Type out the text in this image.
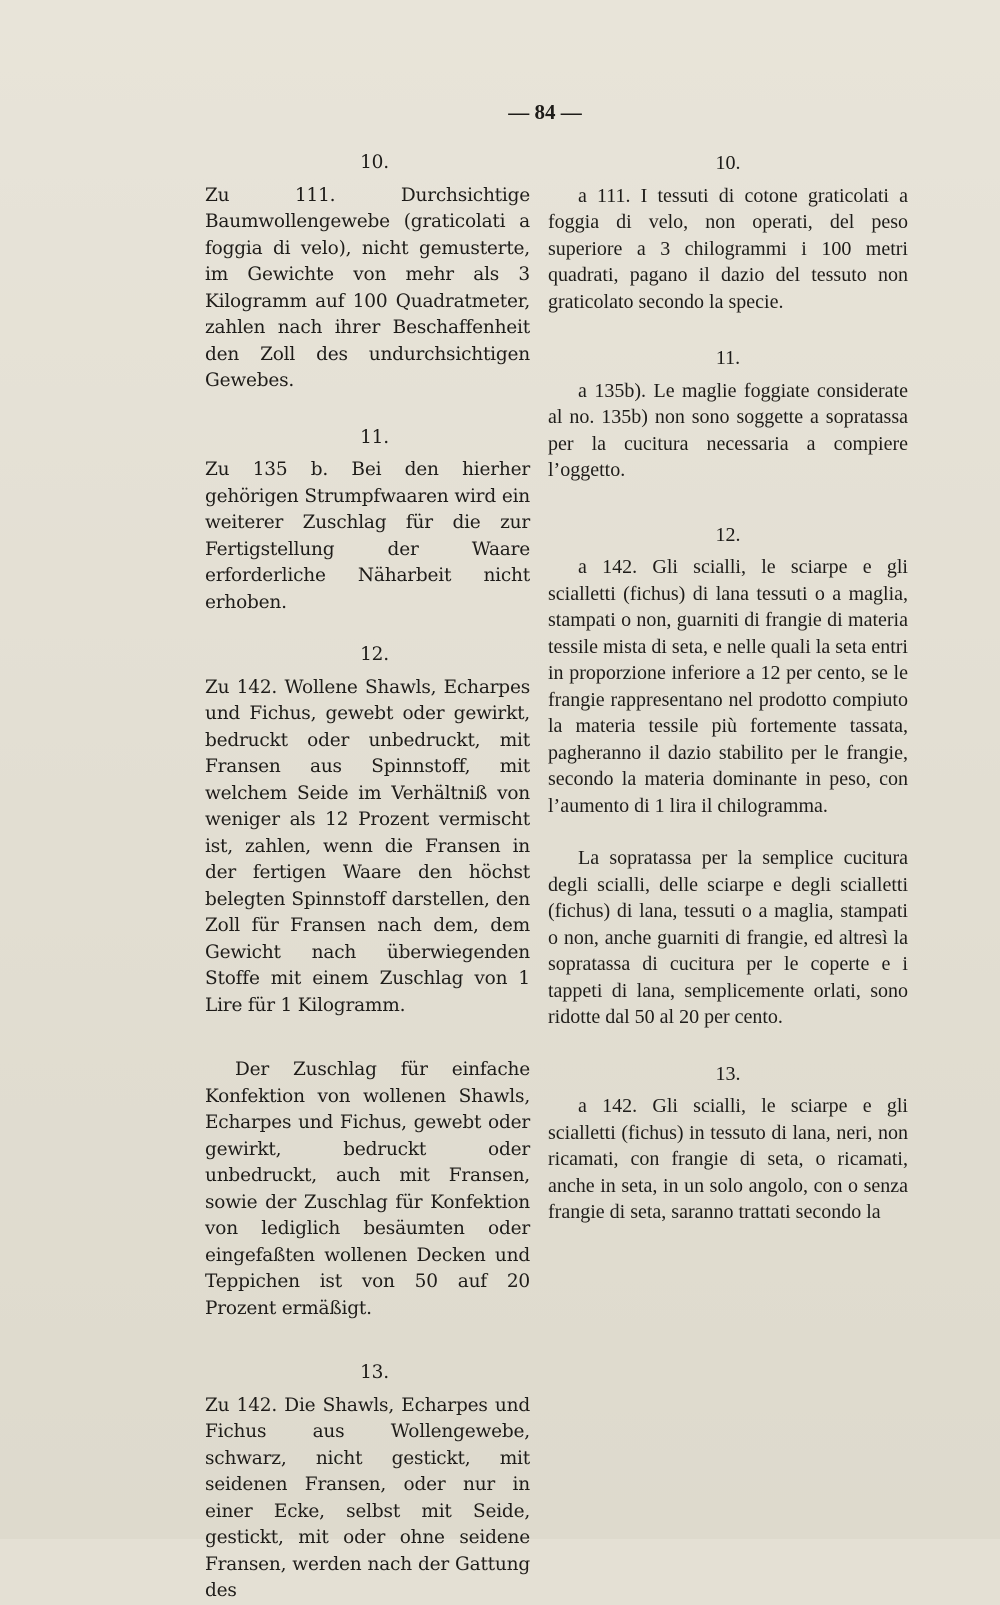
— 84 —
10.

Zu 111. Durchsichtige Baumwollengewebe (graticolati a foggia di velo), nicht gemusterte, im Gewichte von mehr als 3 Kilogramm auf 100 Quadratmeter, zahlen nach ihrer Beschaffenheit den Zoll des undurchsichtigen Gewebes.

11.

Zu 135 b. Bei den hierher gehörigen Strumpfwaaren wird ein weiterer Zuschlag für die zur Fertigstellung der Waare erforderliche Näharbeit nicht erhoben.

12.

Zu 142. Wollene Shawls, Echarpes und Fichus, gewebt oder gewirkt, bedruckt oder unbedruckt, mit Fransen aus Spinnstoff, mit welchem Seide im Verhältniß von weniger als 12 Prozent vermischt ist, zahlen, wenn die Fransen in der fertigen Waare den höchst belegten Spinnstoff darstellen, den Zoll für Fransen nach dem, dem Gewicht nach überwiegenden Stoffe mit einem Zuschlag von 1 Lire für 1 Kilogramm.

Der Zuschlag für einfache Konfektion von wollenen Shawls, Echarpes und Fichus, gewebt oder gewirkt, bedruckt oder unbedruckt, auch mit Fransen, sowie der Zuschlag für Konfektion von lediglich besäumten oder eingefaßten wollenen Decken und Teppichen ist von 50 auf 20 Prozent ermäßigt.

13.

Zu 142. Die Shawls, Echarpes und Fichus aus Wollengewebe, schwarz, nicht gestickt, mit seidenen Fransen, oder nur in einer Ecke, selbst mit Seide, gestickt, mit oder ohne seidene Fransen, werden nach der Gattung des

10.

a 111. I tessuti di cotone graticolati a foggia di velo, non operati, del peso superiore a 3 chilogrammi i 100 metri quadrati, pagano il dazio del tessuto non graticolato secondo la specie.

11.

a 135b). Le maglie foggiate considerate al no. 135b) non sono soggette a sopratassa per la cucitura necessaria a compiere l’oggetto.

12.

a 142. Gli scialli, le sciarpe e gli scialletti (fichus) di lana tessuti o a maglia, stampati o non, guarniti di frangie di materia tessile mista di seta, e nelle quali la seta entri in proporzione inferiore a 12 per cento, se le frangie rappresentano nel prodotto compiuto la materia tessile più fortemente tassata, pagheranno il dazio stabilito per le frangie, secondo la materia dominante in peso, con l’aumento di 1 lira il chilogramma.

La sopratassa per la semplice cucitura degli scialli, delle sciarpe e degli scialletti (fichus) di lana, tessuti o a maglia, stampati o non, anche guarniti di frangie, ed altresì la sopratassa di cucitura per le coperte e i tappeti di lana, semplicemente orlati, sono ridotte dal 50 al 20 per cento.

13.

a 142. Gli scialli, le sciarpe e gli scialletti (fichus) in tessuto di lana, neri, non ricamati, con frangie di seta, o ricamati, anche in seta, in un solo angolo, con o senza frangie di seta, saranno trattati secondo la
